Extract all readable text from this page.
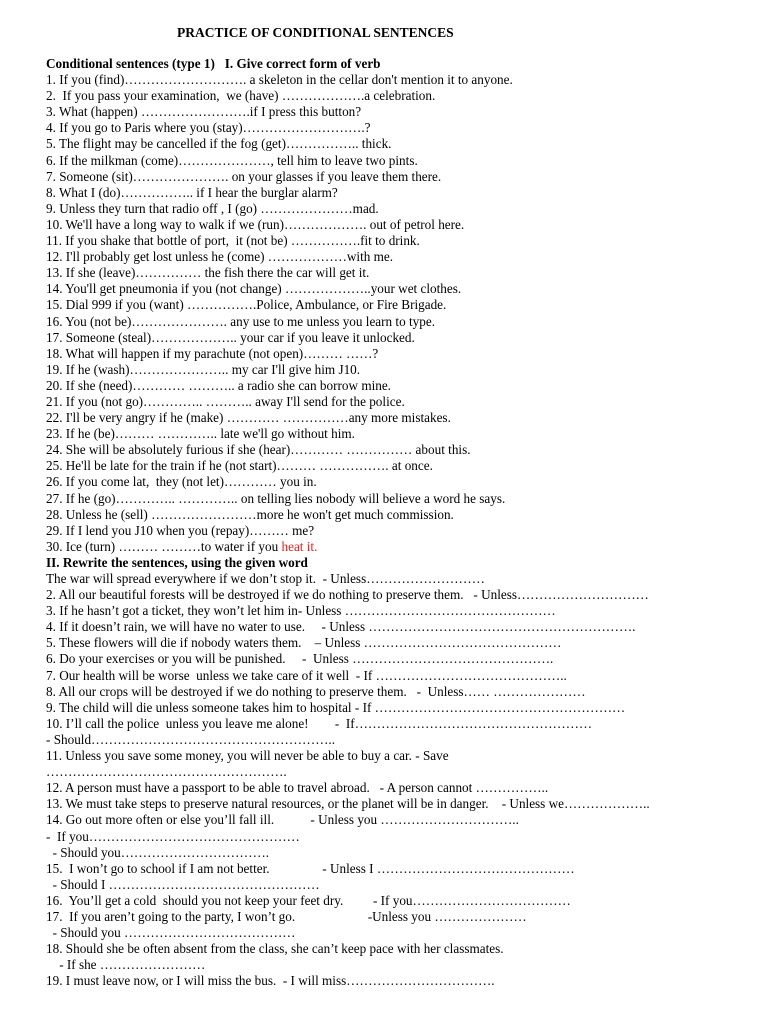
PRACTICE OF CONDITIONAL SENTENCES
Conditional sentences (type 1) I. Give correct form of verb
1. If you (find)………………………. a skeleton in the cellar don't mention it to anyone.
2.  If you pass your examination,  we (have) ……………….a celebration.
3. What (happen) …………………….if I press this button?
4. If you go to Paris where you (stay)……………………….?
5. The flight may be cancelled if the fog (get)…………….. thick.
6. If the milkman (come)…………………, tell him to leave two pints.
7. Someone (sit)…………………. on your glasses if you leave them there.
8. What I (do)…………….. if I hear the burglar alarm?
9. Unless they turn that radio off , I (go) …………………mad.
10. We'll have a long way to walk if we (run)………………. out of petrol here.
11. If you shake that bottle of port,  it (not be) …………….fit to drink.
12. I'll probably get lost unless he (come) ………………with me.
13. If she (leave)…………… the fish there the car will get it.
14. You'll get pneumonia if you (not change) ………………..your wet clothes.
15. Dial 999 if you (want) …………….Police, Ambulance, or Fire Brigade.
16. You (not be)…………………. any use to me unless you learn to type.
17. Someone (steal)……………….. your car if you leave it unlocked.
18. What will happen if my parachute (not open)……… ……?
19. If he (wash)………………….. my car I'll give him J10.
20. If she (need)………… ……….. a radio she can borrow mine.
21. If you (not go)………….. ……….. away I'll send for the police.
22. I'll be very angry if he (make) ………… ……………any more mistakes.
23. If he (be)……… ………….. late we'll go without him.
24. She will be absolutely furious if she (hear)………… …………… about this.
25. He'll be late for the train if he (not start)……… ……………. at once.
26. If you come lat,  they (not let)………… you in.
27. If he (go)………….. ………….. on telling lies nobody will believe a word he says.
28. Unless he (sell) ……………………more he won't get much commission.
29. If I lend you J10 when you (repay)……… me?
30. Ice (turn) ……… ………to water if you heat it.
II. Rewrite the sentences, using the given word
The war will spread everywhere if we don’t stop it.  - Unless………………………
2. All our beautiful forests will be destroyed if we do nothing to preserve them.   - Unless…………………………
3. If he hasn’t got a ticket, they won’t let him in- Unless …………………………………………
4. If it doesn’t rain, we will have no water to use.     - Unless …………………………………………………….
5. These flowers will die if nobody waters them.    – Unless ………………………………………
6. Do your exercises or you will be punished.     -  Unless ……………………………………….
7. Our health will be worse  unless we take care of it well  - If ……………………………………..
8. All our crops will be destroyed if we do nothing to preserve them.   -  Unless…… …………………
9. The child will die unless someone takes him to hospital - If …………………………………………………
10. I’ll call the police  unless you leave me alone!        -  If………………………………………………
- Should………………………………………………..
11. Unless you save some money, you will never be able to buy a car. - Save
……………………………………………….
12. A person must have a passport to be able to travel abroad.   - A person cannot ……………..
13. We must take steps to preserve natural resources, or the planet will be in danger.    - Unless we………………..
14. Go out more often or else you’ll fall ill.           - Unless you …………………………..
-  If you…………………………………………
- Should you…………………………….
15.  I won’t go to school if I am not better.                - Unless I ………………………………………
- Should I …………………………………………
16.  You’ll get a cold  should you not keep your feet dry.         - If you………………………………
17.  If you aren’t going to the party, I won’t go.                      -Unless you …………………
- Should you …………………………………
18. Should she be often absent from the class, she can’t keep pace with her classmates.
- If she ……………………
19. I must leave now, or I will miss the bus.  - I will miss…………………………….
